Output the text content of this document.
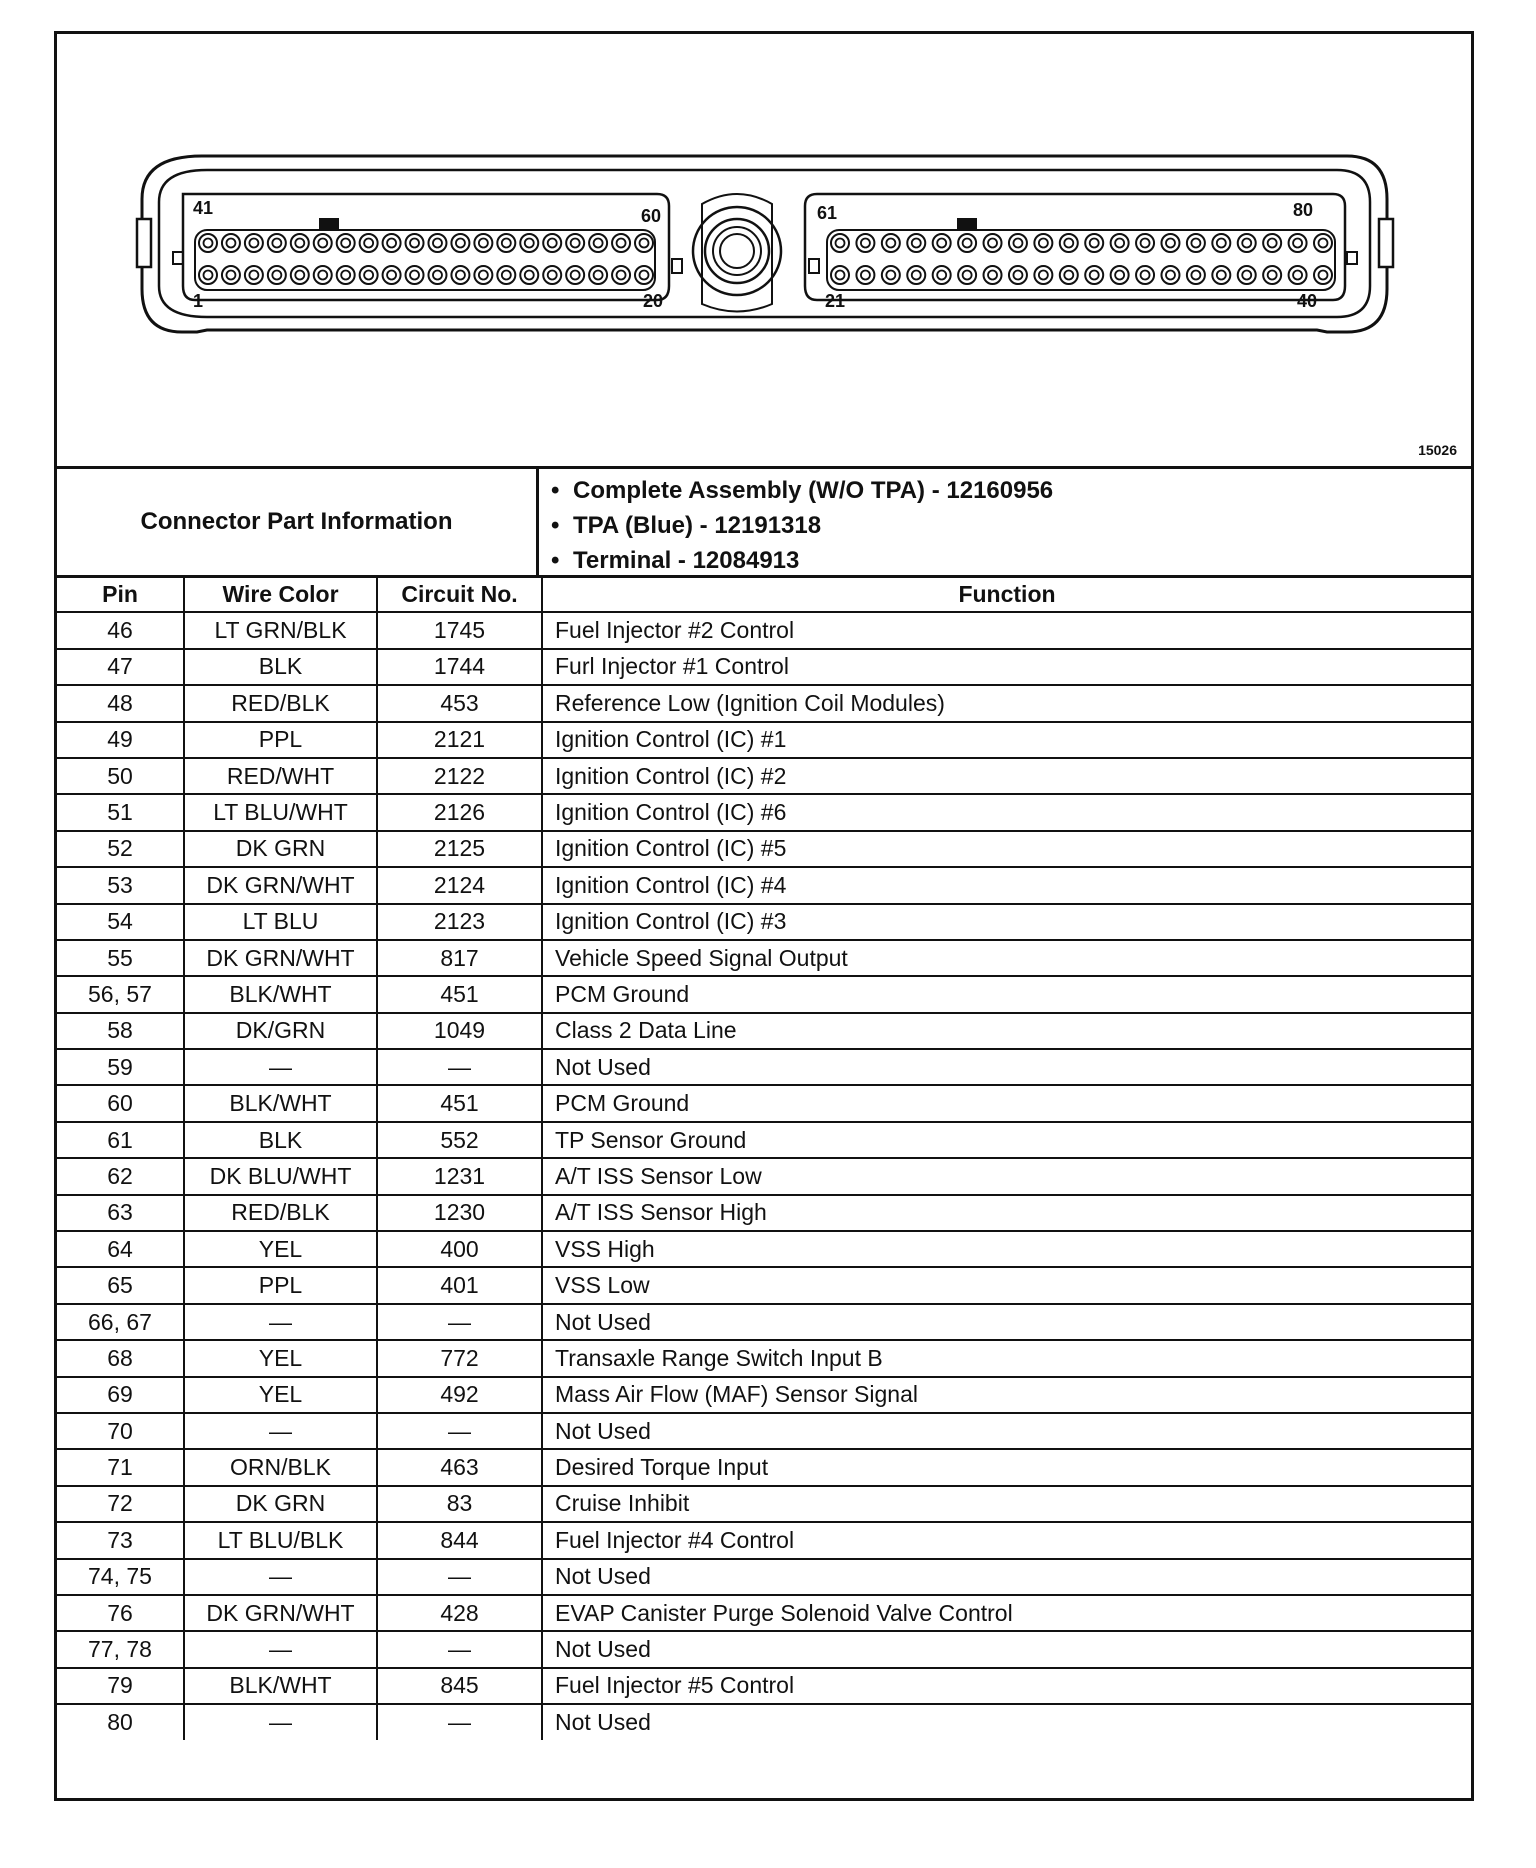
41	60
1	20
61	80
21	40
15026
Connector Part Information
• Complete Assembly (W/O TPA) - 12160956
• TPA (Blue) - 12191318
• Terminal - 12084913
Pin	Wire Color	Circuit No.	Function
46	LT GRN/BLK	1745	Fuel Injector #2 Control
47	BLK	1744	Furl Injector #1 Control
48	RED/BLK	453	Reference Low (Ignition Coil Modules)
49	PPL	2121	Ignition Control (IC) #1
50	RED/WHT	2122	Ignition Control (IC) #2
51	LT BLU/WHT	2126	Ignition Control (IC) #6
52	DK GRN	2125	Ignition Control (IC) #5
53	DK GRN/WHT	2124	Ignition Control (IC) #4
54	LT BLU	2123	Ignition Control (IC) #3
55	DK GRN/WHT	817	Vehicle Speed Signal Output
56, 57	BLK/WHT	451	PCM Ground
58	DK/GRN	1049	Class 2 Data Line
59	—	—	Not Used
60	BLK/WHT	451	PCM Ground
61	BLK	552	TP Sensor Ground
62	DK BLU/WHT	1231	A/T ISS Sensor Low
63	RED/BLK	1230	A/T ISS Sensor High
64	YEL	400	VSS High
65	PPL	401	VSS Low
66, 67	—	—	Not Used
68	YEL	772	Transaxle Range Switch Input B
69	YEL	492	Mass Air Flow (MAF) Sensor Signal
70	—	—	Not Used
71	ORN/BLK	463	Desired Torque Input
72	DK GRN	83	Cruise Inhibit
73	LT BLU/BLK	844	Fuel Injector #4 Control
74, 75	—	—	Not Used
76	DK GRN/WHT	428	EVAP Canister Purge Solenoid Valve Control
77, 78	—	—	Not Used
79	BLK/WHT	845	Fuel Injector #5 Control
80	—	—	Not Used
